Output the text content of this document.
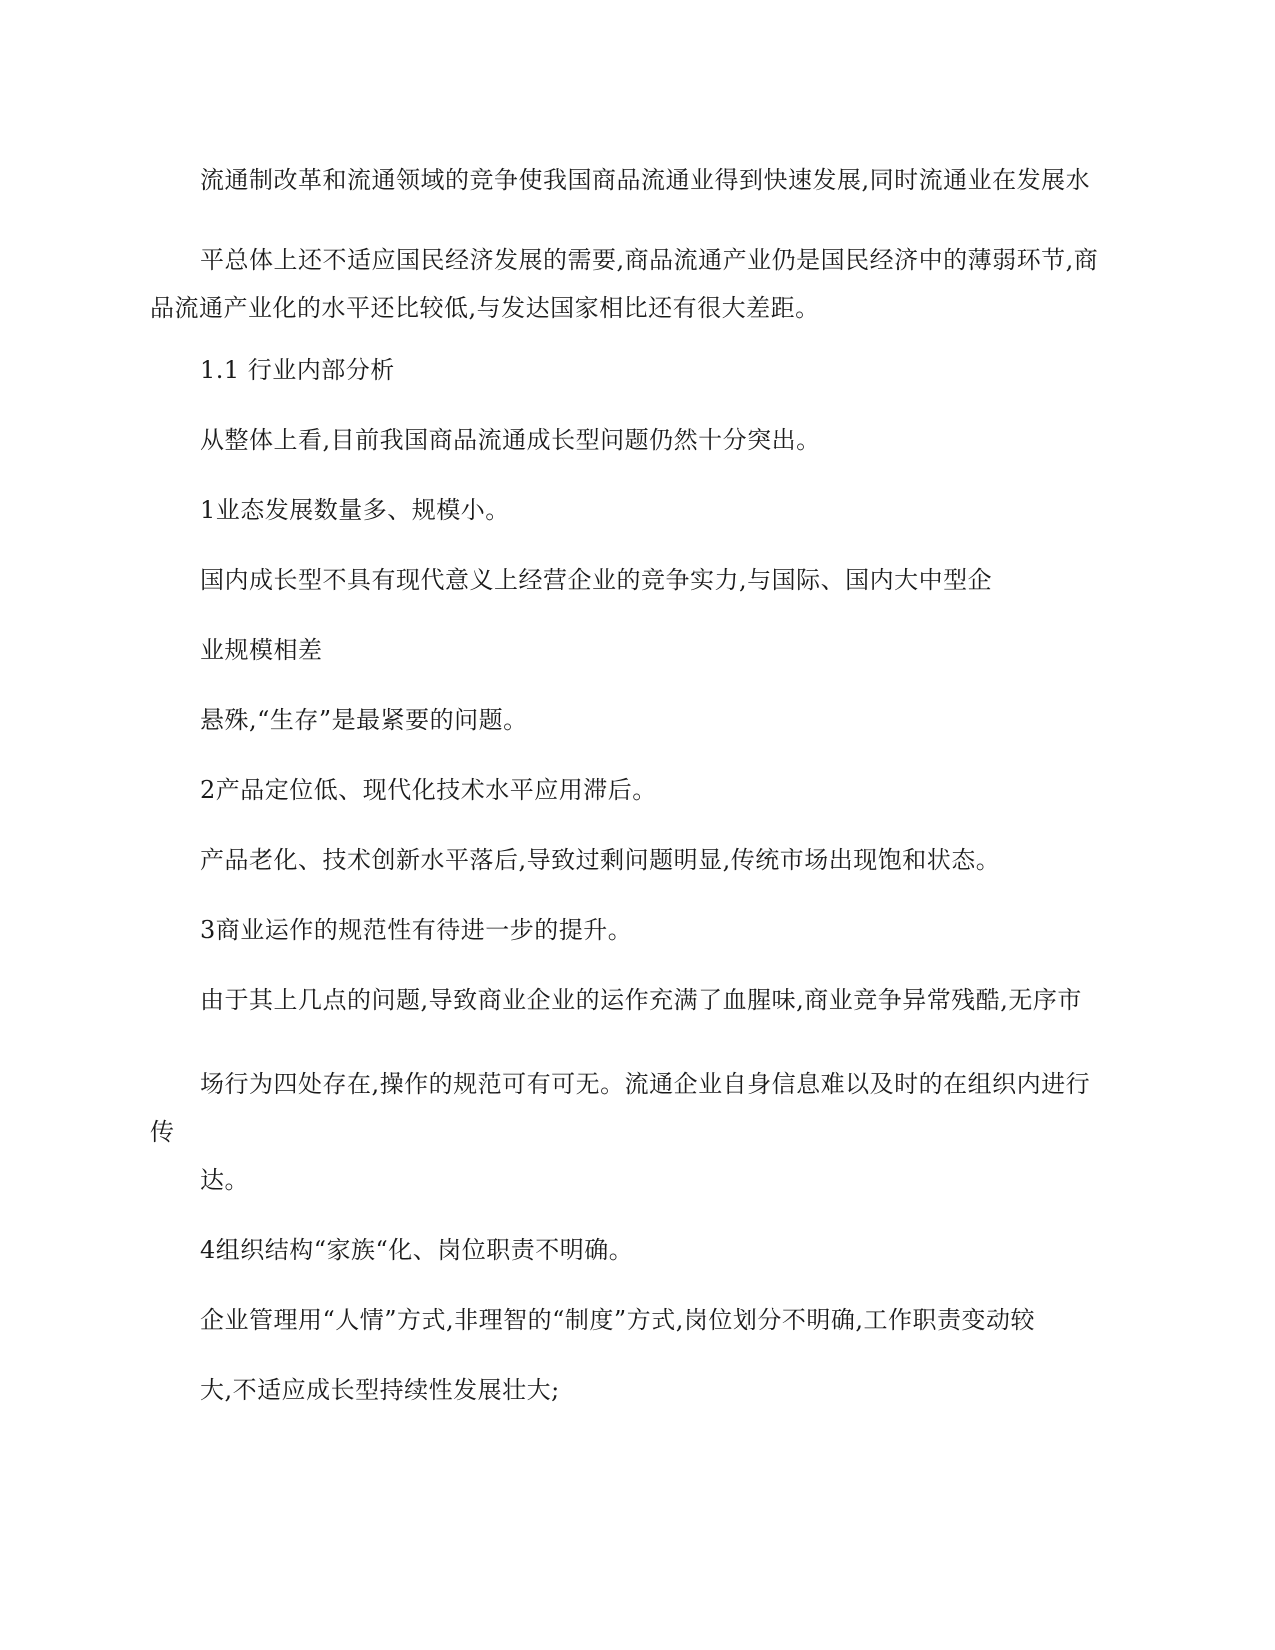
流通制改革和流通领域的竞争使我国商品流通业得到快速发展,同时流通业在发展水
平总体上还不适应国民经济发展的需要,商品流通产业仍是国民经济中的薄弱环节,商
品流通产业化的水平还比较低,与发达国家相比还有很大差距。
1.1 行业内部分析
从整体上看,目前我国商品流通成长型问题仍然十分突出。
1业态发展数量多、规模小。
国内成长型不具有现代意义上经营企业的竞争实力,与国际、国内大中型企
业规模相差
悬殊,“生存”是最紧要的问题。
2产品定位低、现代化技术水平应用滞后。
产品老化、技术创新水平落后,导致过剩问题明显,传统市场出现饱和状态。
3商业运作的规范性有待进一步的提升。
由于其上几点的问题,导致商业企业的运作充满了血腥味,商业竞争异常残酷,无序市
场行为四处存在,操作的规范可有可无。流通企业自身信息难以及时的在组织内进行
传
达。
4组织结构“家族“化、岗位职责不明确。
企业管理用“人情”方式,非理智的“制度”方式,岗位划分不明确,工作职责变动较
大,不适应成长型持续性发展壮大;
